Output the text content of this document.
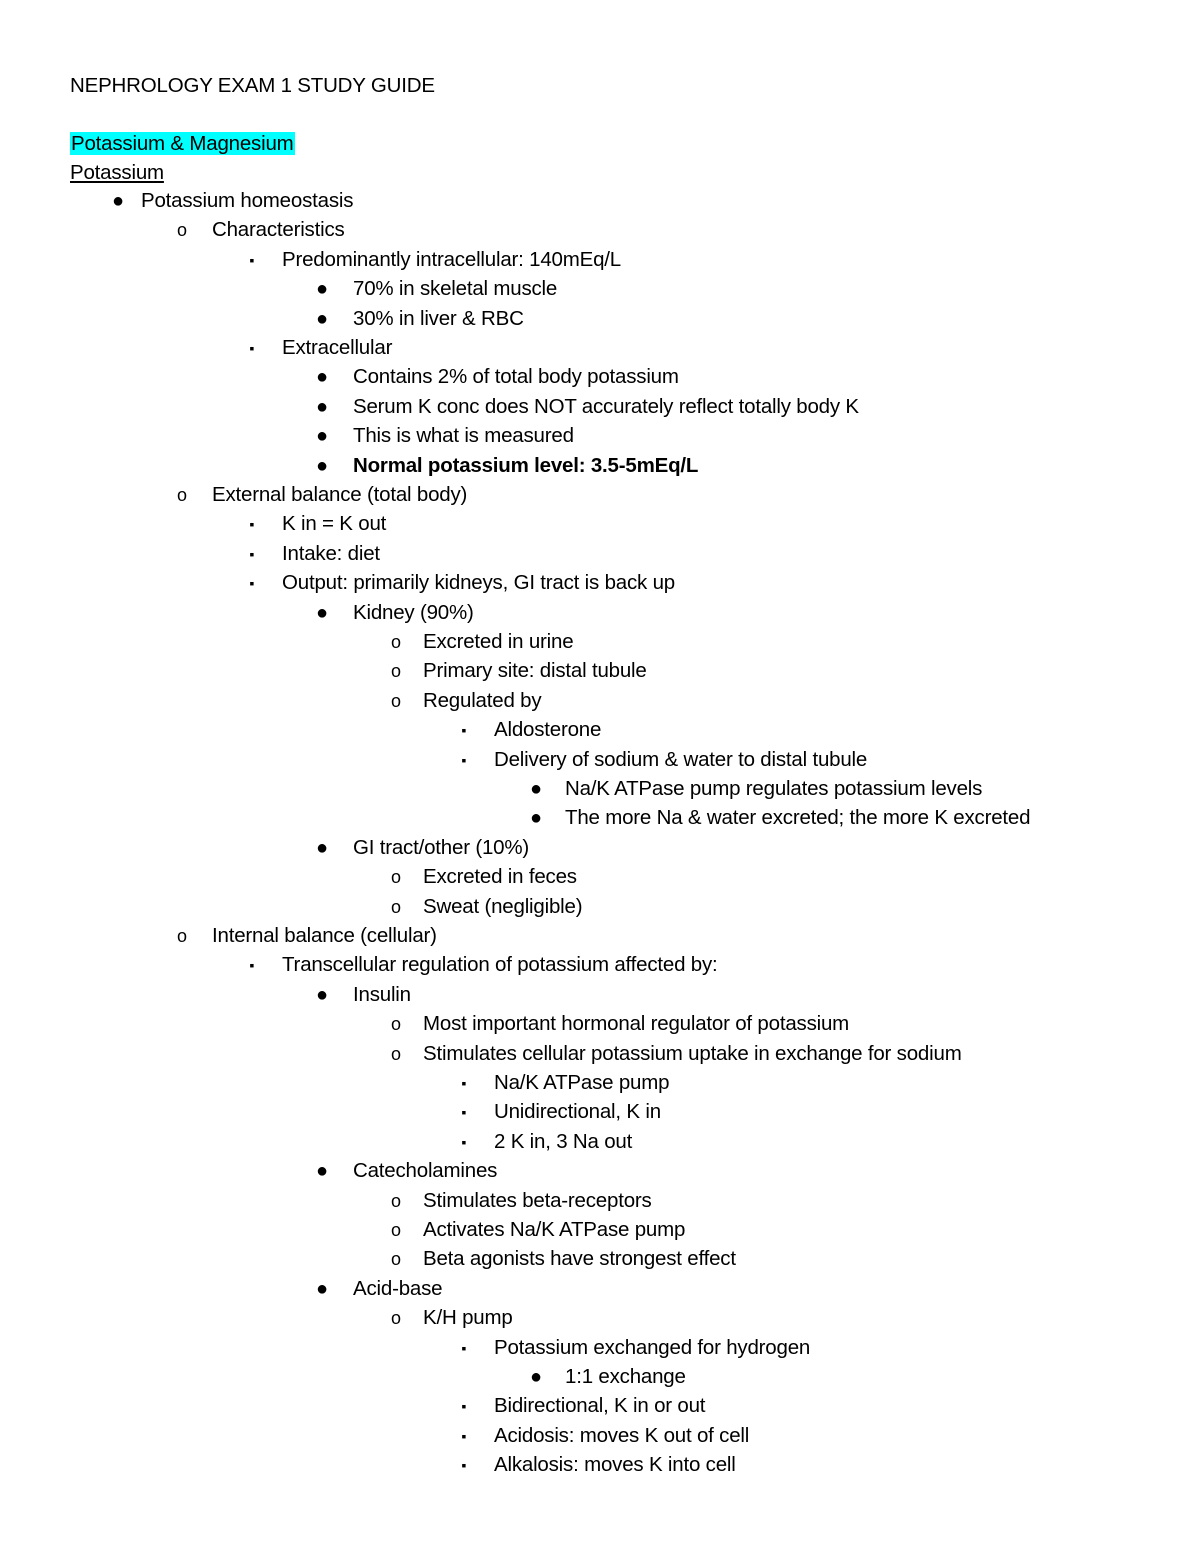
NEPHROLOGY EXAM 1 STUDY GUIDE
Potassium & Magnesium
Potassium
● Potassium homeostasis
o Characteristics
▪	Predominantly intracellular: 140mEq/L
● 70% in skeletal muscle
● 30% in liver & RBC
▪	Extracellular
● Contains 2% of total body potassium
● Serum K conc does NOT accurately reflect totally body K
● This is what is measured
● Normal potassium level: 3.5-5mEq/L
o External balance (total body)
▪	K in = K out
▪	Intake: diet
▪	Output: primarily kidneys, GI tract is back up
● Kidney (90%)
o Excreted in urine
o Primary site: distal tubule
o Regulated by
▪	Aldosterone
▪	Delivery of sodium & water to distal tubule
● Na/K ATPase pump regulates potassium levels
● The more Na & water excreted; the more K excreted
● GI tract/other (10%)
o Excreted in feces
o Sweat (negligible)
o Internal balance (cellular)
▪	Transcellular regulation of potassium affected by:
● Insulin
o Most important hormonal regulator of potassium
o Stimulates cellular potassium uptake in exchange for sodium
▪	Na/K ATPase pump
▪	Unidirectional, K in
▪	2 K in, 3 Na out
● Catecholamines
o Stimulates beta-receptors
o Activates Na/K ATPase pump
o Beta agonists have strongest effect
● Acid-base
o K/H pump
▪	Potassium exchanged for hydrogen
● 1:1 exchange
▪	Bidirectional, K in or out
▪	Acidosis: moves K out of cell
▪	Alkalosis: moves K into cell
